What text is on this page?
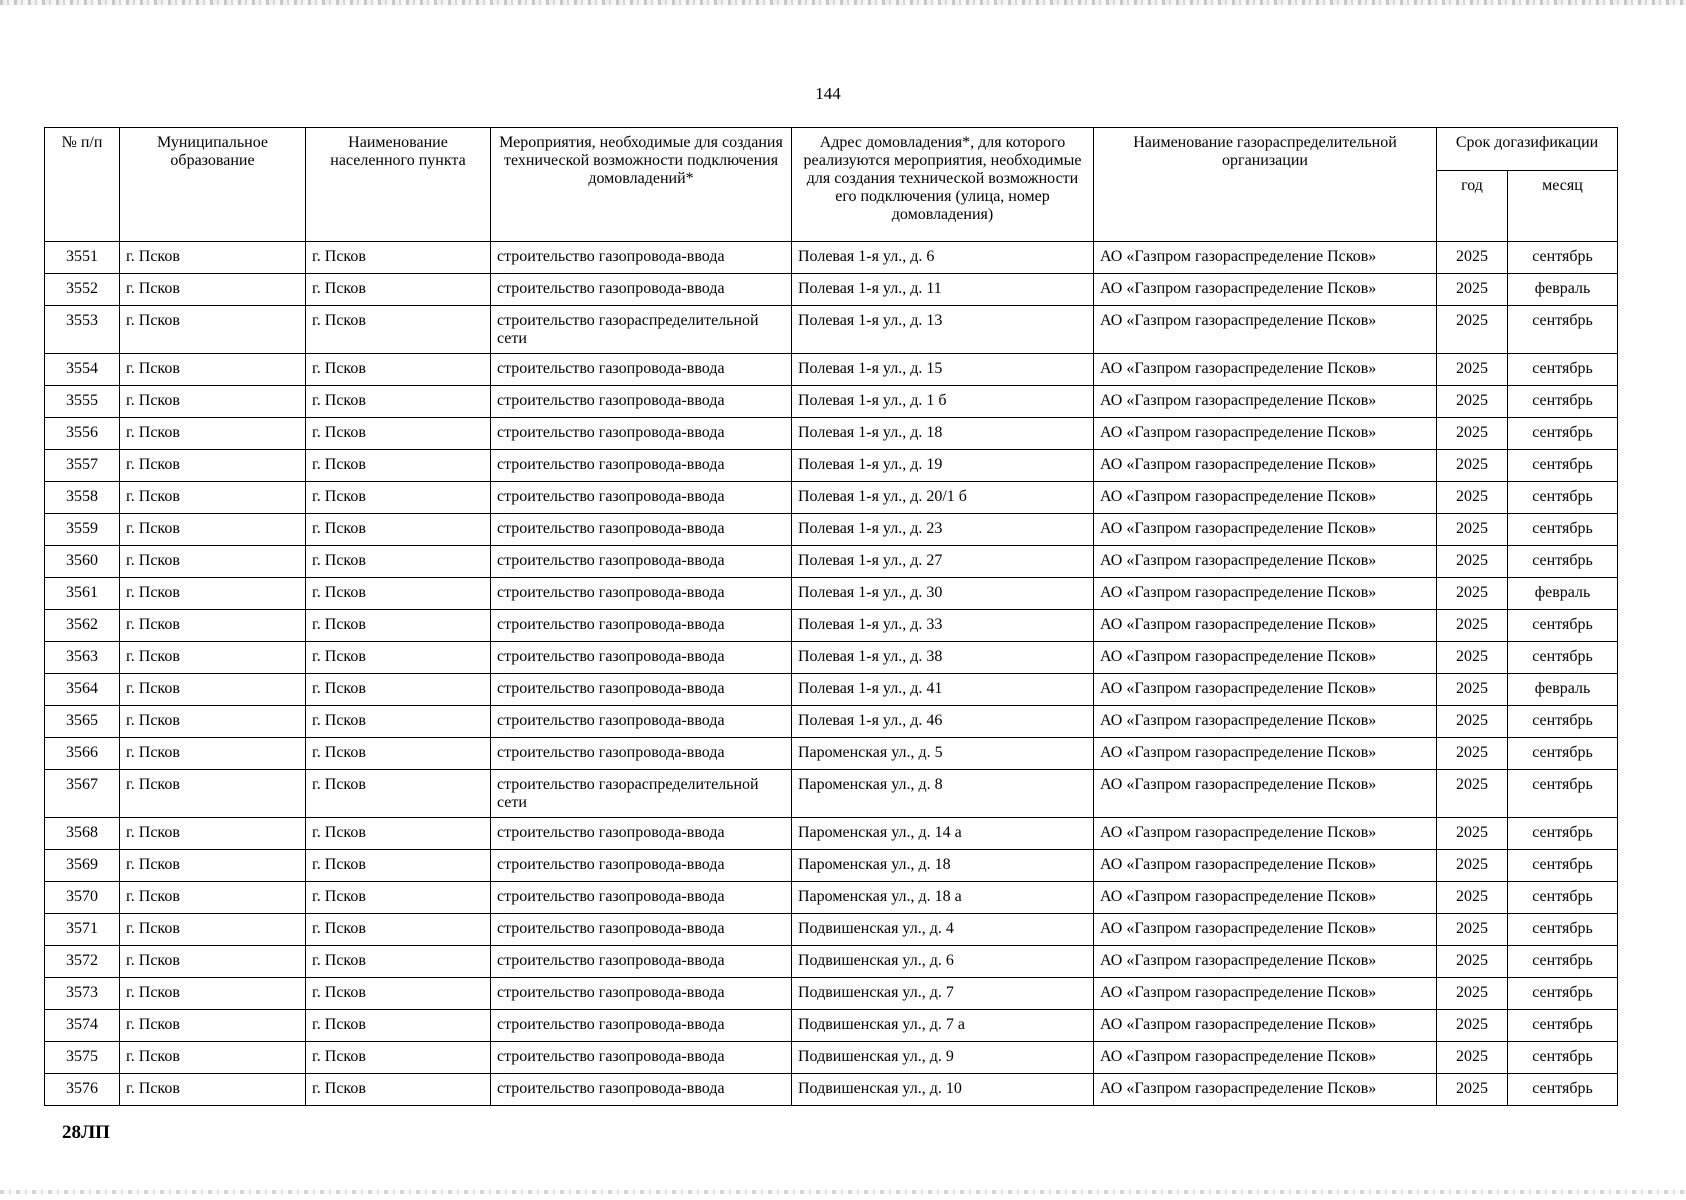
144
№ п/п	Муниципальное образование	Наименование населенного пункта	Мероприятия, необходимые для создания технической возможности подключения домовладений*	Адрес домовладения*, для которого реализуются мероприятия, необходимые для создания технической возможности его подключения (улица, номер домовладения)	Наименование газораспределительной организации	Срок догазификации	
						год	месяц
3551	г. Псков	г. Псков	строительство газопровода-ввода	Полевая 1-я ул., д. 6	АО «Газпром газораспределение Псков»	2025	сентябрь
3552	г. Псков	г. Псков	строительство газопровода-ввода	Полевая 1-я ул., д. 11	АО «Газпром газораспределение Псков»	2025	февраль
3553	г. Псков	г. Псков	строительство газораспределительной сети	Полевая 1-я ул., д. 13	АО «Газпром газораспределение Псков»	2025	сентябрь
3554	г. Псков	г. Псков	строительство газопровода-ввода	Полевая 1-я ул., д. 15	АО «Газпром газораспределение Псков»	2025	сентябрь
3555	г. Псков	г. Псков	строительство газопровода-ввода	Полевая 1-я ул., д. 1 б	АО «Газпром газораспределение Псков»	2025	сентябрь
3556	г. Псков	г. Псков	строительство газопровода-ввода	Полевая 1-я ул., д. 18	АО «Газпром газораспределение Псков»	2025	сентябрь
3557	г. Псков	г. Псков	строительство газопровода-ввода	Полевая 1-я ул., д. 19	АО «Газпром газораспределение Псков»	2025	сентябрь
3558	г. Псков	г. Псков	строительство газопровода-ввода	Полевая 1-я ул., д. 20/1 б	АО «Газпром газораспределение Псков»	2025	сентябрь
3559	г. Псков	г. Псков	строительство газопровода-ввода	Полевая 1-я ул., д. 23	АО «Газпром газораспределение Псков»	2025	сентябрь
3560	г. Псков	г. Псков	строительство газопровода-ввода	Полевая 1-я ул., д. 27	АО «Газпром газораспределение Псков»	2025	сентябрь
3561	г. Псков	г. Псков	строительство газопровода-ввода	Полевая 1-я ул., д. 30	АО «Газпром газораспределение Псков»	2025	февраль
3562	г. Псков	г. Псков	строительство газопровода-ввода	Полевая 1-я ул., д. 33	АО «Газпром газораспределение Псков»	2025	сентябрь
3563	г. Псков	г. Псков	строительство газопровода-ввода	Полевая 1-я ул., д. 38	АО «Газпром газораспределение Псков»	2025	сентябрь
3564	г. Псков	г. Псков	строительство газопровода-ввода	Полевая 1-я ул., д. 41	АО «Газпром газораспределение Псков»	2025	февраль
3565	г. Псков	г. Псков	строительство газопровода-ввода	Полевая 1-я ул., д. 46	АО «Газпром газораспределение Псков»	2025	сентябрь
3566	г. Псков	г. Псков	строительство газопровода-ввода	Пароменская ул., д. 5	АО «Газпром газораспределение Псков»	2025	сентябрь
3567	г. Псков	г. Псков	строительство газораспределительной сети	Пароменская ул., д. 8	АО «Газпром газораспределение Псков»	2025	сентябрь
3568	г. Псков	г. Псков	строительство газопровода-ввода	Пароменская ул., д. 14 а	АО «Газпром газораспределение Псков»	2025	сентябрь
3569	г. Псков	г. Псков	строительство газопровода-ввода	Пароменская ул., д. 18	АО «Газпром газораспределение Псков»	2025	сентябрь
3570	г. Псков	г. Псков	строительство газопровода-ввода	Пароменская ул., д. 18 а	АО «Газпром газораспределение Псков»	2025	сентябрь
3571	г. Псков	г. Псков	строительство газопровода-ввода	Подвишенская ул., д. 4	АО «Газпром газораспределение Псков»	2025	сентябрь
3572	г. Псков	г. Псков	строительство газопровода-ввода	Подвишенская ул., д. 6	АО «Газпром газораспределение Псков»	2025	сентябрь
3573	г. Псков	г. Псков	строительство газопровода-ввода	Подвишенская ул., д. 7	АО «Газпром газораспределение Псков»	2025	сентябрь
3574	г. Псков	г. Псков	строительство газопровода-ввода	Подвишенская ул., д. 7 а	АО «Газпром газораспределение Псков»	2025	сентябрь
3575	г. Псков	г. Псков	строительство газопровода-ввода	Подвишенская ул., д. 9	АО «Газпром газораспределение Псков»	2025	сентябрь
3576	г. Псков	г. Псков	строительство газопровода-ввода	Подвишенская ул., д. 10	АО «Газпром газораспределение Псков»	2025	сентябрь
28ЛП
